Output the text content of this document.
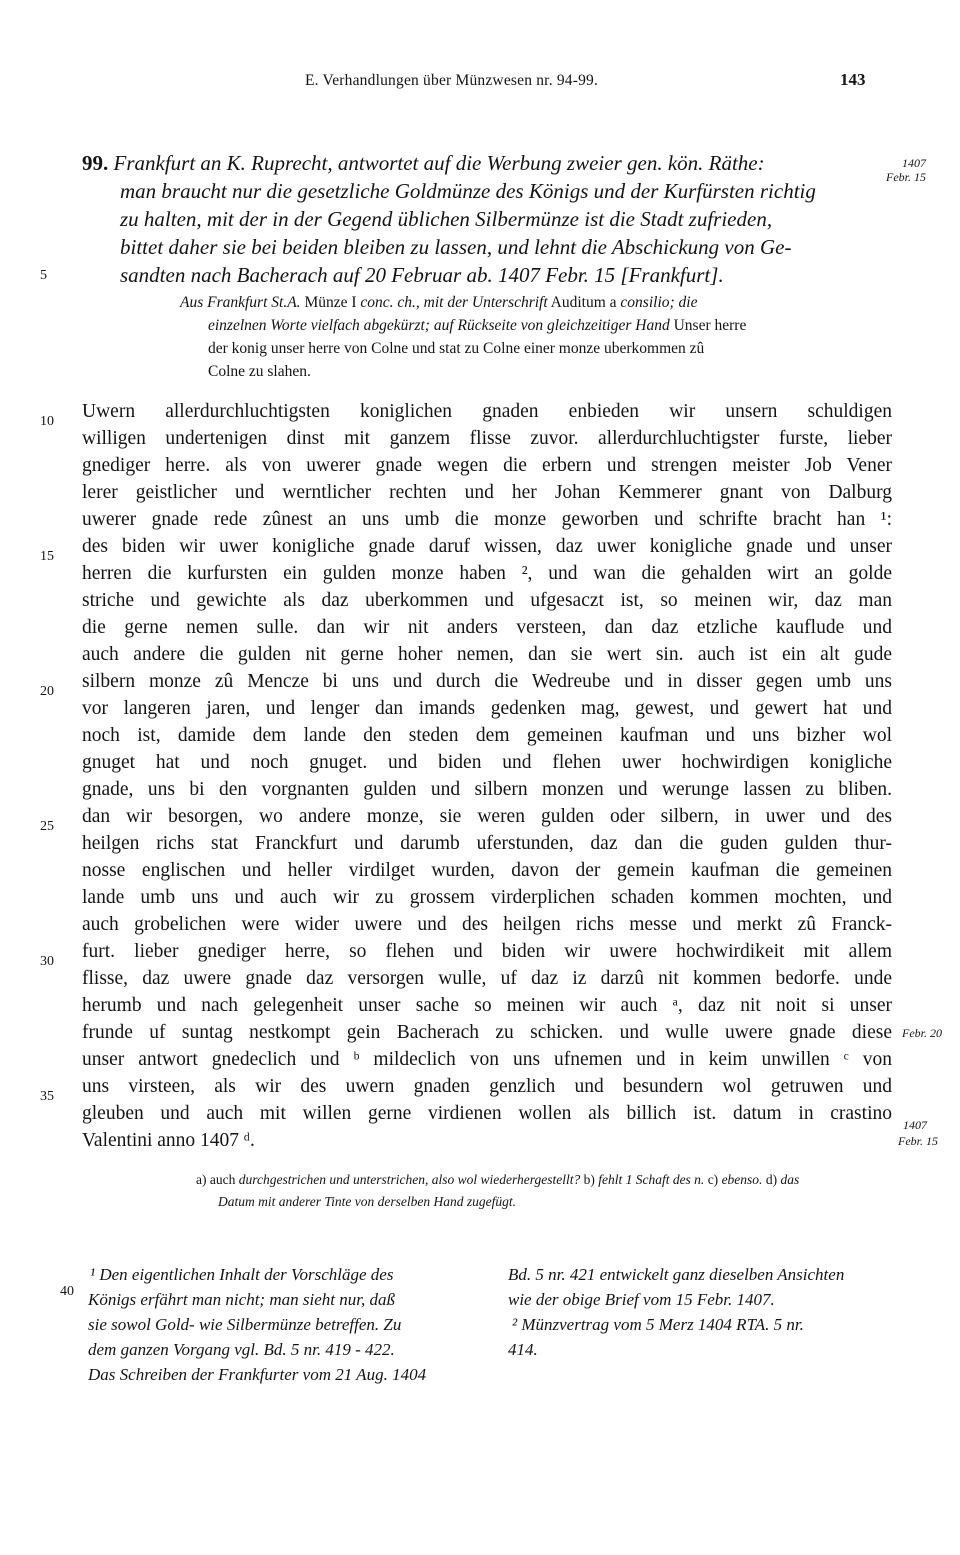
E. Verhandlungen über Münzwesen nr. 94-99.	143
99. Frankfurt an K. Ruprecht, antwortet auf die Werbung zweier gen. kön. Räthe:
man braucht nur die gesetzliche Goldmünze des Königs und der Kurfürsten richtig
zu halten, mit der in der Gegend üblichen Silbermünze ist die Stadt zufrieden,
bittet daher sie bei beiden bleiben zu lassen, und lehnt die Abschickung von Ge-
sandten nach Bacherach auf 20 Februar ab. 1407 Febr. 15 [Frankfurt].
5
1407
Febr. 15
Aus Frankfurt St.A. Münze I conc. ch., mit der Unterschrift Auditum a consilio; die
einzelnen Worte vielfach abgekürzt; auf Rückseite von gleichzeitiger Hand Unser herre
der konig unser herre von Colne und stat zu Colne einer monze uberkommen zû
Colne zu slahen.
Uwern allerdurchluchtigsten koniglichen gnaden enbieden wir unsern schuldigen
willigen undertenigen dinst mit ganzem flisse zuvor. allerdurchluchtigster furste, lieber
gnediger herre. als von uwerer gnade wegen die erbern und strengen meister Job Vener
lerer geistlicher und werntlicher rechten und her Johan Kemmerer gnant von Dalburg
uwerer gnade rede zûnest an uns umb die monze geworben und schrifte bracht han ¹:
des biden wir uwer konigliche gnade daruf wissen, daz uwer konigliche gnade und unser
herren die kurfursten ein gulden monze haben ², und wan die gehalden wirt an golde
striche und gewichte als daz uberkommen und ufgesaczt ist, so meinen wir, daz man
die gerne nemen sulle. dan wir nit anders versteen, dan daz etzliche kauflude und
auch andere die gulden nit gerne hoher nemen, dan sie wert sin. auch ist ein alt gude
silbern monze zû Mencze bi uns und durch die Wedreube und in disser gegen umb uns
vor langeren jaren, und lenger dan imands gedenken mag, gewest, und gewert hat und
noch ist, damide dem lande den steden dem gemeinen kaufman und uns bizher wol
gnuget hat und noch gnuget. und biden und flehen uwer hochwirdigen konigliche
gnade, uns bi den vorgnanten gulden und silbern monzen und werunge lassen zu bliben.
dan wir besorgen, wo andere monze, sie weren gulden oder silbern, in uwer und des
heilgen richs stat Franckfurt und darumb uferstunden, daz dan die guden gulden thur-
nosse englischen und heller virdilget wurden, davon der gemein kaufman die gemeinen
lande umb uns und auch wir zu grossem virderplichen schaden kommen mochten, und
auch grobelichen were wider uwere und des heilgen richs messe und merkt zû Franck-
furt. lieber gnediger herre, so flehen und biden wir uwere hochwirdikeit mit allem
flisse, daz uwere gnade daz versorgen wulle, uf daz iz darzû nit kommen bedorfe. unde
herumb und nach gelegenheit unser sache so meinen wir auch ᵃ, daz nit noit si unser
frunde uf suntag nestkompt gein Bacherach zu schicken. und wulle uwere gnade diese
unser antwort gnedeclich und ᵇ mildeclich von uns ufnemen und in keim unwillen ᶜ von
uns virsteen, als wir des uwern gnaden genzlich und besundern wol getruwen und
gleuben und auch mit willen gerne virdienen wollen als billich ist. datum in crastino
Valentini anno 1407 ᵈ.
10
15
20
25
30
35
Febr. 20
1407
Febr. 15
a) auch durchgestrichen und unterstrichen, also wol wiederhergestellt? b) fehlt 1 Schaft des n. c) ebenso. d) das
Datum mit anderer Tinte von derselben Hand zugefügt.
40
¹ Den eigentlichen Inhalt der Vorschläge des
Königs erfährt man nicht; man sieht nur, daß
sie sowol Gold- wie Silbermünze betreffen. Zu
dem ganzen Vorgang vgl. Bd. 5 nr. 419 - 422.
Das Schreiben der Frankfurter vom 21 Aug. 1404
Bd. 5 nr. 421 entwickelt ganz dieselben Ansichten
wie der obige Brief vom 15 Febr. 1407.
² Münzvertrag vom 5 Merz 1404 RTA. 5 nr.
414.
